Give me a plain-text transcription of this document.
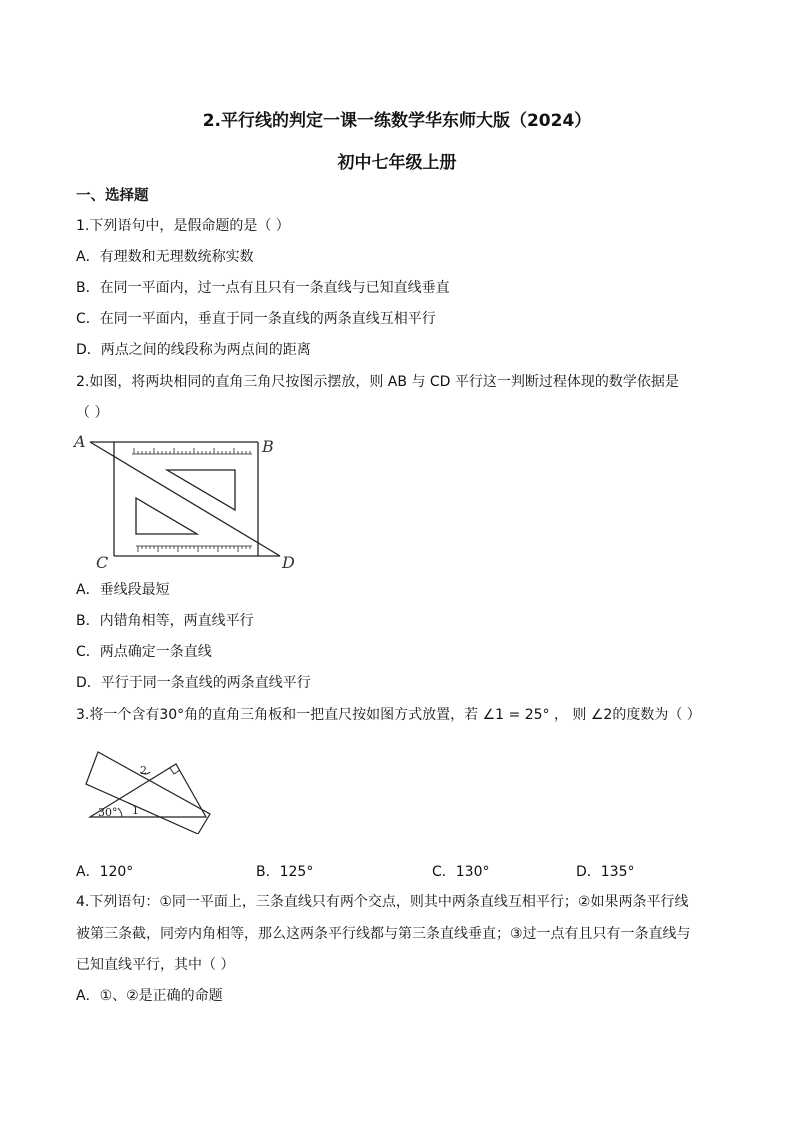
2.平行线的判定一课一练数学华东师大版（2024）
初中七年级上册
一、选择题
1.下列语句中，是假命题的是（ ）
A．有理数和无理数统称实数
B．在同一平面内，过一点有且只有一条直线与已知直线垂直
C．在同一平面内，垂直于同一条直线的两条直线互相平行
D．两点之间的线段称为两点间的距离
2.如图，将两块相同的直角三角尺按图示摆放，则 AB 与 CD 平行这一判断过程体现的数学依据是
（ ）
A	B
C	D
A．垂线段最短
B．内错角相等，两直线平行
C．两点确定一条直线
D．平行于同一条直线的两条直线平行
3.将一个含有30°角的直角三角板和一把直尺按如图方式放置，若 ∠1 = 25° ， 则 ∠2的度数为（ ）
30° 1
2
A．120°	B．125°	C．130°	D．135°
4.下列语句：①同一平面上，三条直线只有两个交点，则其中两条直线互相平行；②如果两条平行线
被第三条截，同旁内角相等，那么这两条平行线都与第三条直线垂直；③过一点有且只有一条直线与
已知直线平行，其中（ ）
A．①、②是正确的命题
